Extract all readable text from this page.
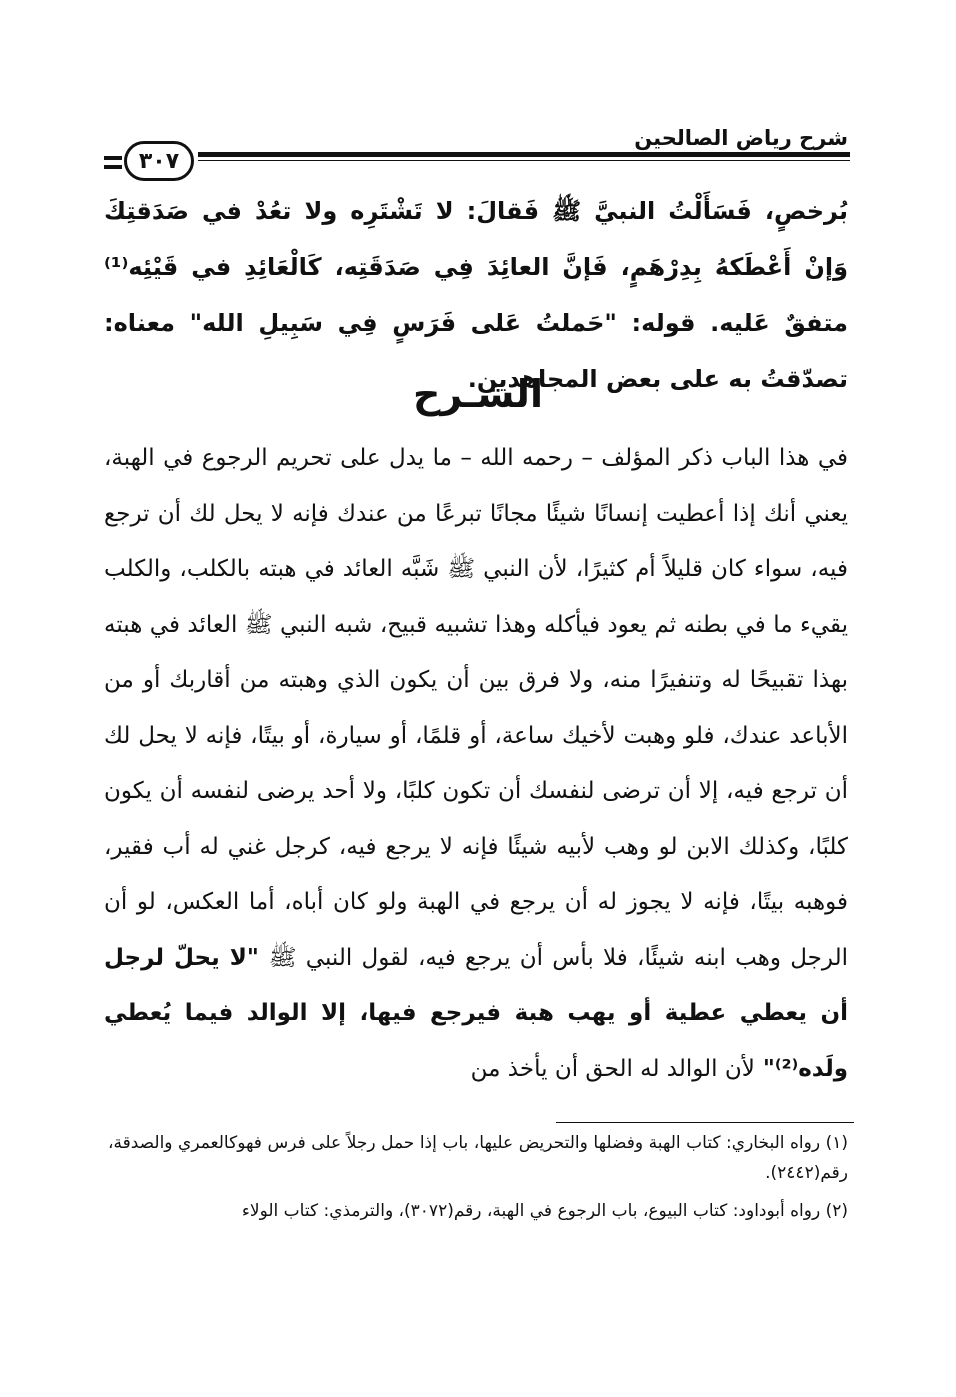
شرح رياض الصالحين
٣٠٧
بُرخصٍ، فَسَأَلْتُ النبيَّ ﷺ فَقالَ: لا تَشْتَرِه ولا تعُدْ في صَدَقتِكَ وَإنْ أَعْطَكهُ بِدِرْهَمٍ، فَإنَّ العائِدَ فِي صَدَقَتِه، كَالْعَائِدِ في قَيْئِه⁽¹⁾ متفقٌ عَليه. قوله: "حَملتُ عَلى فَرَسٍ فِي سَبِيلِ الله" معناه: تصدّقتُ به على بعض المجاهدين.
الشـرح
في هذا الباب ذكر المؤلف – رحمه الله – ما يدل على تحريم الرجوع في الهبة، يعني أنك إذا أعطيت إنسانًا شيئًا مجانًا تبرعًا من عندك فإنه لا يحل لك أن ترجع فيه، سواء كان قليلاً أم كثيرًا، لأن النبي ﷺ شَبَّه العائد في هبته بالكلب، والكلب يقيء ما في بطنه ثم يعود فيأكله وهذا تشبيه قبيح، شبه النبي ﷺ العائد في هبته بهذا تقبيحًا له وتنفيرًا منه، ولا فرق بين أن يكون الذي وهبته من أقاربك أو من الأباعد عندك، فلو وهبت لأخيك ساعة، أو قلمًا، أو سيارة، أو بيتًا، فإنه لا يحل لك أن ترجع فيه، إلا أن ترضى لنفسك أن تكون كلبًا، ولا أحد يرضى لنفسه أن يكون كلبًا، وكذلك الابن لو وهب لأبيه شيئًا فإنه لا يرجع فيه، كرجل غني له أب فقير، فوهبه بيتًا، فإنه لا يجوز له أن يرجع في الهبة ولو كان أباه، أما العكس، لو أن الرجل وهب ابنه شيئًا، فلا بأس أن يرجع فيه، لقول النبي ﷺ "لا يحلّ لرجل أن يعطي عطية أو يهب هبة فيرجع فيها، إلا الوالد فيما يُعطي ولَده⁽²⁾" لأن الوالد له الحق أن يأخذ من

(١) رواه البخاري: كتاب الهبة وفضلها والتحريض عليها، باب إذا حمل رجلاً على فرس فهوكالعمري والصدقة، رقم(٢٤٤٢).

(٢) رواه أبوداود: كتاب البيوع، باب الرجوع في الهبة، رقم(٣٠٧٢)، والترمذي: كتاب الولاء
